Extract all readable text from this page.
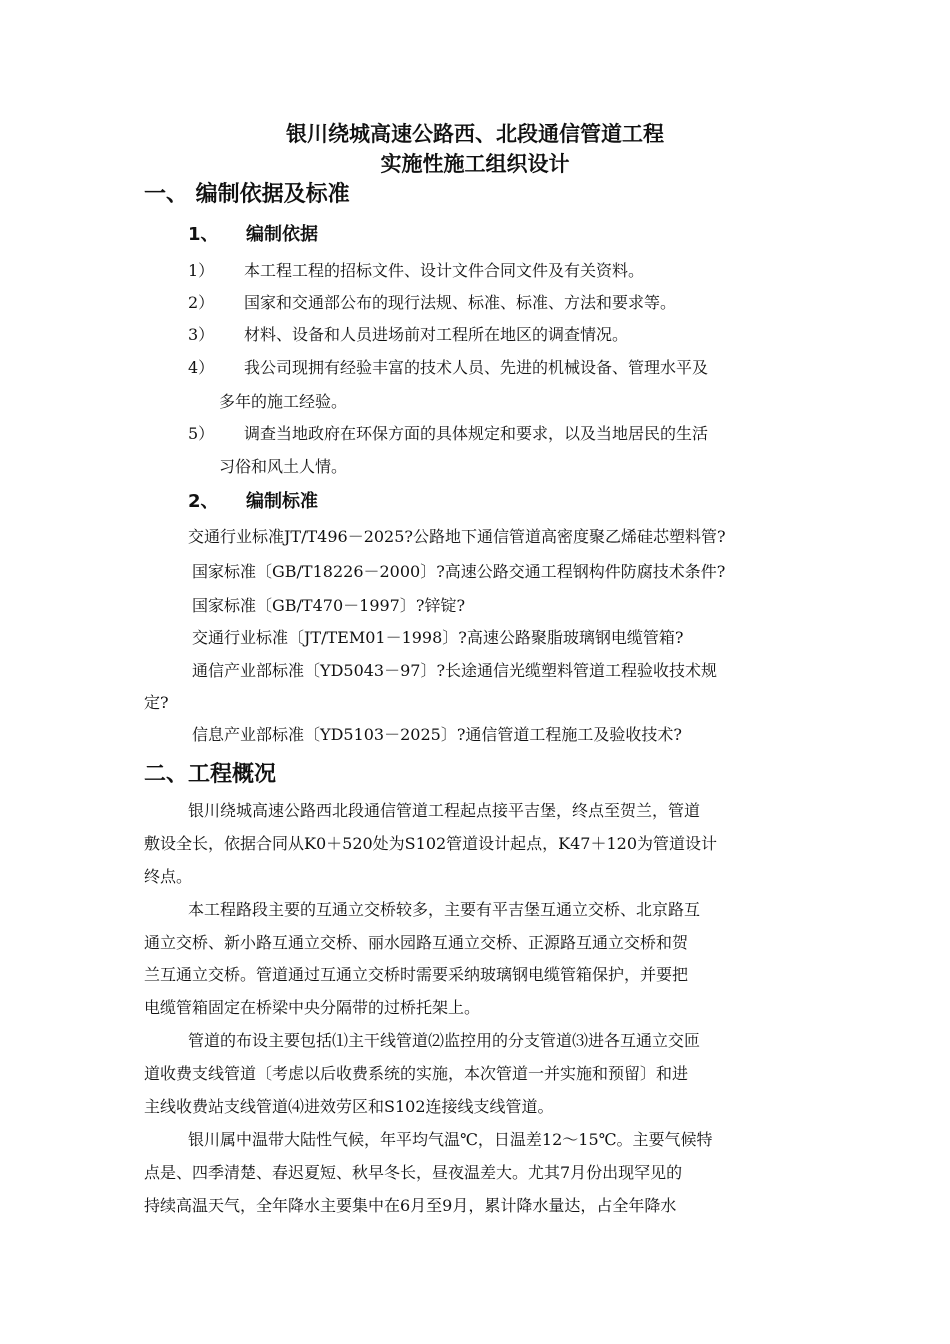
银川绕城高速公路西、北段通信管道工程
实施性施工组织设计
一、 编制依据及标准
1、 编制依据
1） 本工程工程的招标文件、设计文件合同文件及有关资料。
2） 国家和交通部公布的现行法规、标准、标准、方法和要求等。
3） 材料、设备和人员进场前对工程所在地区的调查情况。
4） 我公司现拥有经验丰富的技术人员、先进的机械设备、管理水平及
多年的施工经验。
5） 调查当地政府在环保方面的具体规定和要求，以及当地居民的生活
习俗和风土人情。
2、 编制标准
交通行业标准JT/T496－2025?公路地下通信管道高密度聚乙烯硅芯塑料管?
国家标准〔GB/T18226－2000〕?高速公路交通工程钢构件防腐技术条件?
国家标准〔GB/T470－1997〕?锌锭?
交通行业标准〔JT/TEM01－1998〕?高速公路聚脂玻璃钢电缆管箱?
通信产业部标准〔YD5043－97〕?长途通信光缆塑料管道工程验收技术规
定?
信息产业部标准〔YD5103－2025〕?通信管道工程施工及验收技术?
二、工程概况
银川绕城高速公路西北段通信管道工程起点接平吉堡，终点至贺兰，管道
敷设全长，依据合同从K0＋520处为S102管道设计起点，K47＋120为管道设计
终点。
本工程路段主要的互通立交桥较多，主要有平吉堡互通立交桥、北京路互
通立交桥、新小路互通立交桥、丽水园路互通立交桥、正源路互通立交桥和贺
兰互通立交桥。管道通过互通立交桥时需要采纳玻璃钢电缆管箱保护，并要把
电缆管箱固定在桥梁中央分隔带的过桥托架上。
管道的布设主要包括⑴主干线管道⑵监控用的分支管道⑶进各互通立交匝
道收费支线管道〔考虑以后收费系统的实施，本次管道一并实施和预留〕和进
主线收费站支线管道⑷进效劳区和S102连接线支线管道。
银川属中温带大陆性气候，年平均气温℃，日温差12～15℃。主要气候特
点是、四季清楚、春迟夏短、秋早冬长，昼夜温差大。尤其7月份出现罕见的
持续高温天气，全年降水主要集中在6月至9月，累计降水量达，占全年降水
